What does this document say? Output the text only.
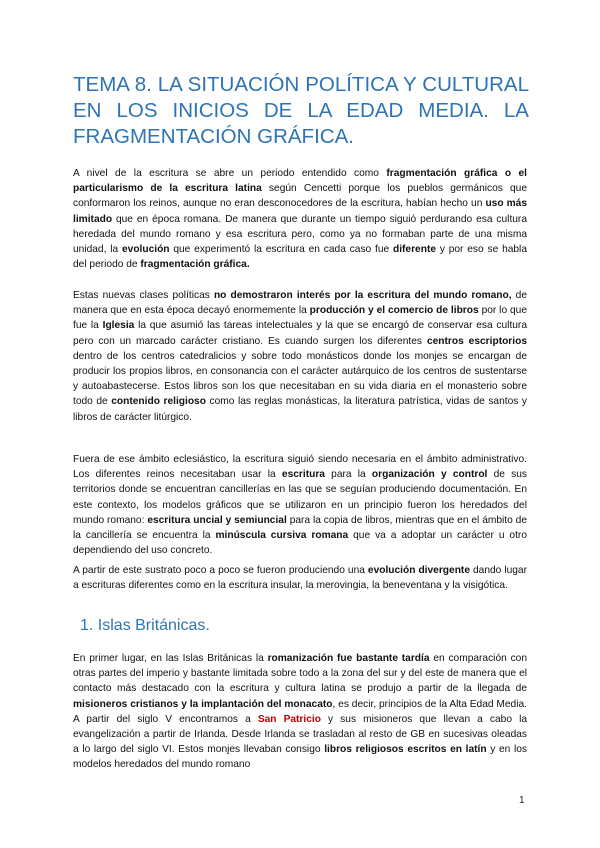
TEMA 8. LA SITUACIÓN POLÍTICA Y CULTURAL EN LOS INICIOS DE LA EDAD MEDIA. LA FRAGMENTACIÓN GRÁFICA.

A nivel de la escritura se abre un periodo entendido como fragmentación gráfica o el particularismo de la escritura latina según Cencetti porque los pueblos germánicos que conformaron los reinos, aunque no eran desconocedores de la escritura, habían hecho un uso más limitado que en época romana. De manera que durante un tiempo siguió perdurando esa cultura heredada del mundo romano y esa escritura pero, como ya no formaban parte de una misma unidad, la evolución que experimentó la escritura en cada caso fue diferente y por eso se habla del periodo de fragmentación gráfica.

Estas nuevas clases políticas no demostraron interés por la escritura del mundo romano, de manera que en esta época decayó enormemente la producción y el comercio de libros por lo que fue la Iglesia la que asumió las tareas intelectuales y la que se encargó de conservar esa cultura pero con un marcado carácter cristiano. Es cuando surgen los diferentes centros escriptorios dentro de los centros catedralicios y sobre todo monásticos donde los monjes se encargan de producir los propios libros, en consonancia con el carácter autárquico de los centros de sustentarse y autoabastecerse. Estos libros son los que necesitaban en su vida diaria en el monasterio sobre todo de contenido religioso como las reglas monásticas, la literatura patrística, vidas de santos y libros de carácter litúrgico.

Fuera de ese ámbito eclesiástico, la escritura siguió siendo necesaria en el ámbito administrativo. Los diferentes reinos necesitaban usar la escritura para la organización y control de sus territorios donde se encuentran cancillerías en las que se seguían produciendo documentación. En este contexto, los modelos gráficos que se utilizaron en un principio fueron los heredados del mundo romano: escritura uncial y semiuncial para la copia de libros, mientras que en el ámbito de la cancillería se encuentra la minúscula cursiva romana que va a adoptar un carácter u otro dependiendo del uso concreto.

A partir de este sustrato poco a poco se fueron produciendo una evolución divergente dando lugar a escrituras diferentes como en la escritura insular, la merovingia, la beneventana y la visigótica.

1. Islas Británicas.

En primer lugar, en las Islas Británicas la romanización fue bastante tardía en comparación con otras partes del imperio y bastante limitada sobre todo a la zona del sur y del este de manera que el contacto más destacado con la escritura y cultura latina se produjo a partir de la llegada de misioneros cristianos y la implantación del monacato, es decir, principios de la Alta Edad Media. A partir del siglo V encontramos a San Patricio y sus misioneros que llevan a cabo la evangelización a partir de Irlanda. Desde Irlanda se trasladan al resto de GB en sucesivas oleadas a lo largo del siglo VI. Estos monjes llevaban consigo libros religiosos escritos en latín y en los modelos heredados del mundo romano

1
